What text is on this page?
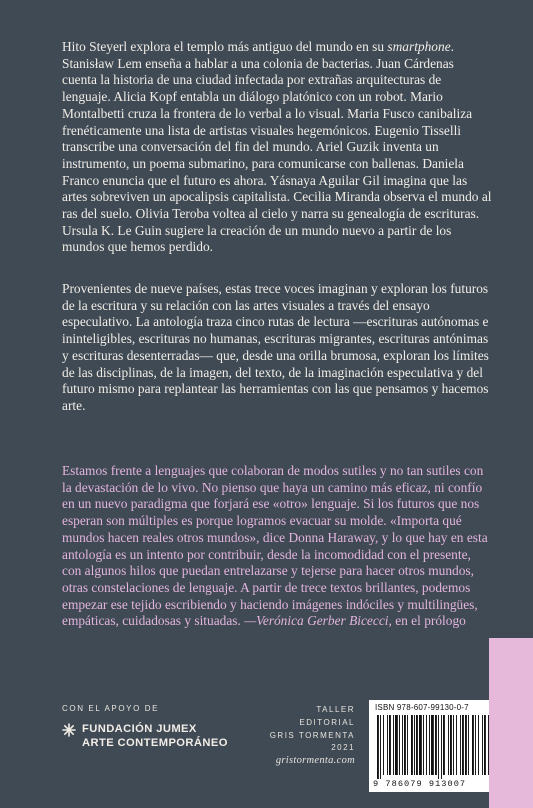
Hito Steyerl explora el templo más antiguo del mundo en su smartphone. Stanisław Lem enseña a hablar a una colonia de bacterias. Juan Cárdenas cuenta la historia de una ciudad infectada por extrañas arquitecturas de lenguaje. Alicia Kopf entabla un diálogo platónico con un robot. Mario Montalbetti cruza la frontera de lo verbal a lo visual. Maria Fusco canibaliza frenéticamente una lista de artistas visuales hegemónicos. Eugenio Tisselli transcribe una conversación del fin del mundo. Ariel Guzik inventa un instrumento, un poema submarino, para comunicarse con ballenas. Daniela Franco enuncia que el futuro es ahora. Yásnaya Aguilar Gil imagina que las artes sobreviven un apocalipsis capitalista. Cecilia Miranda observa el mundo al ras del suelo. Olivia Teroba voltea al cielo y narra su genealogía de escrituras. Ursula K. Le Guin sugiere la creación de un mundo nuevo a partir de los mundos que hemos perdido.

Provenientes de nueve países, estas trece voces imaginan y exploran los futuros de la escritura y su relación con las artes visuales a través del ensayo especulativo. La antología traza cinco rutas de lectura —escrituras autónomas e ininteligibles, escrituras no humanas, escrituras migrantes, escrituras antónimas y escrituras desenterradas— que, desde una orilla brumosa, exploran los límites de las disciplinas, de la imagen, del texto, de la imaginación especulativa y del futuro mismo para replantear las herramientas con las que pensamos y hacemos arte.

Estamos frente a lenguajes que colaboran de modos sutiles y no tan sutiles con la devastación de lo vivo. No pienso que haya un camino más eficaz, ni confío en un nuevo paradigma que forjará ese «otro» lenguaje. Si los futuros que nos esperan son múltiples es porque logramos evacuar su molde. «Importa qué mundos hacen reales otros mundos», dice Donna Haraway, y lo que hay en esta antología es un intento por contribuir, desde la incomodidad con el presente, con algunos hilos que puedan entrelazarse y tejerse para hacer otros mundos, otras constelaciones de lenguaje. A partir de trece textos brillantes, podemos empezar ese tejido escribiendo y haciendo imágenes indóciles y multilingües, empáticas, cuidadosas y situadas. —Verónica Gerber Bicecci, en el prólogo

CON EL APOYO DE
FUNDACIÓN JUMEX
ARTE CONTEMPORÁNEO
TALLER EDITORIAL
GRIS TORMENTA
2021
gristormenta.com
ISBN 978-607-99130-0-7
9 786079 913007
